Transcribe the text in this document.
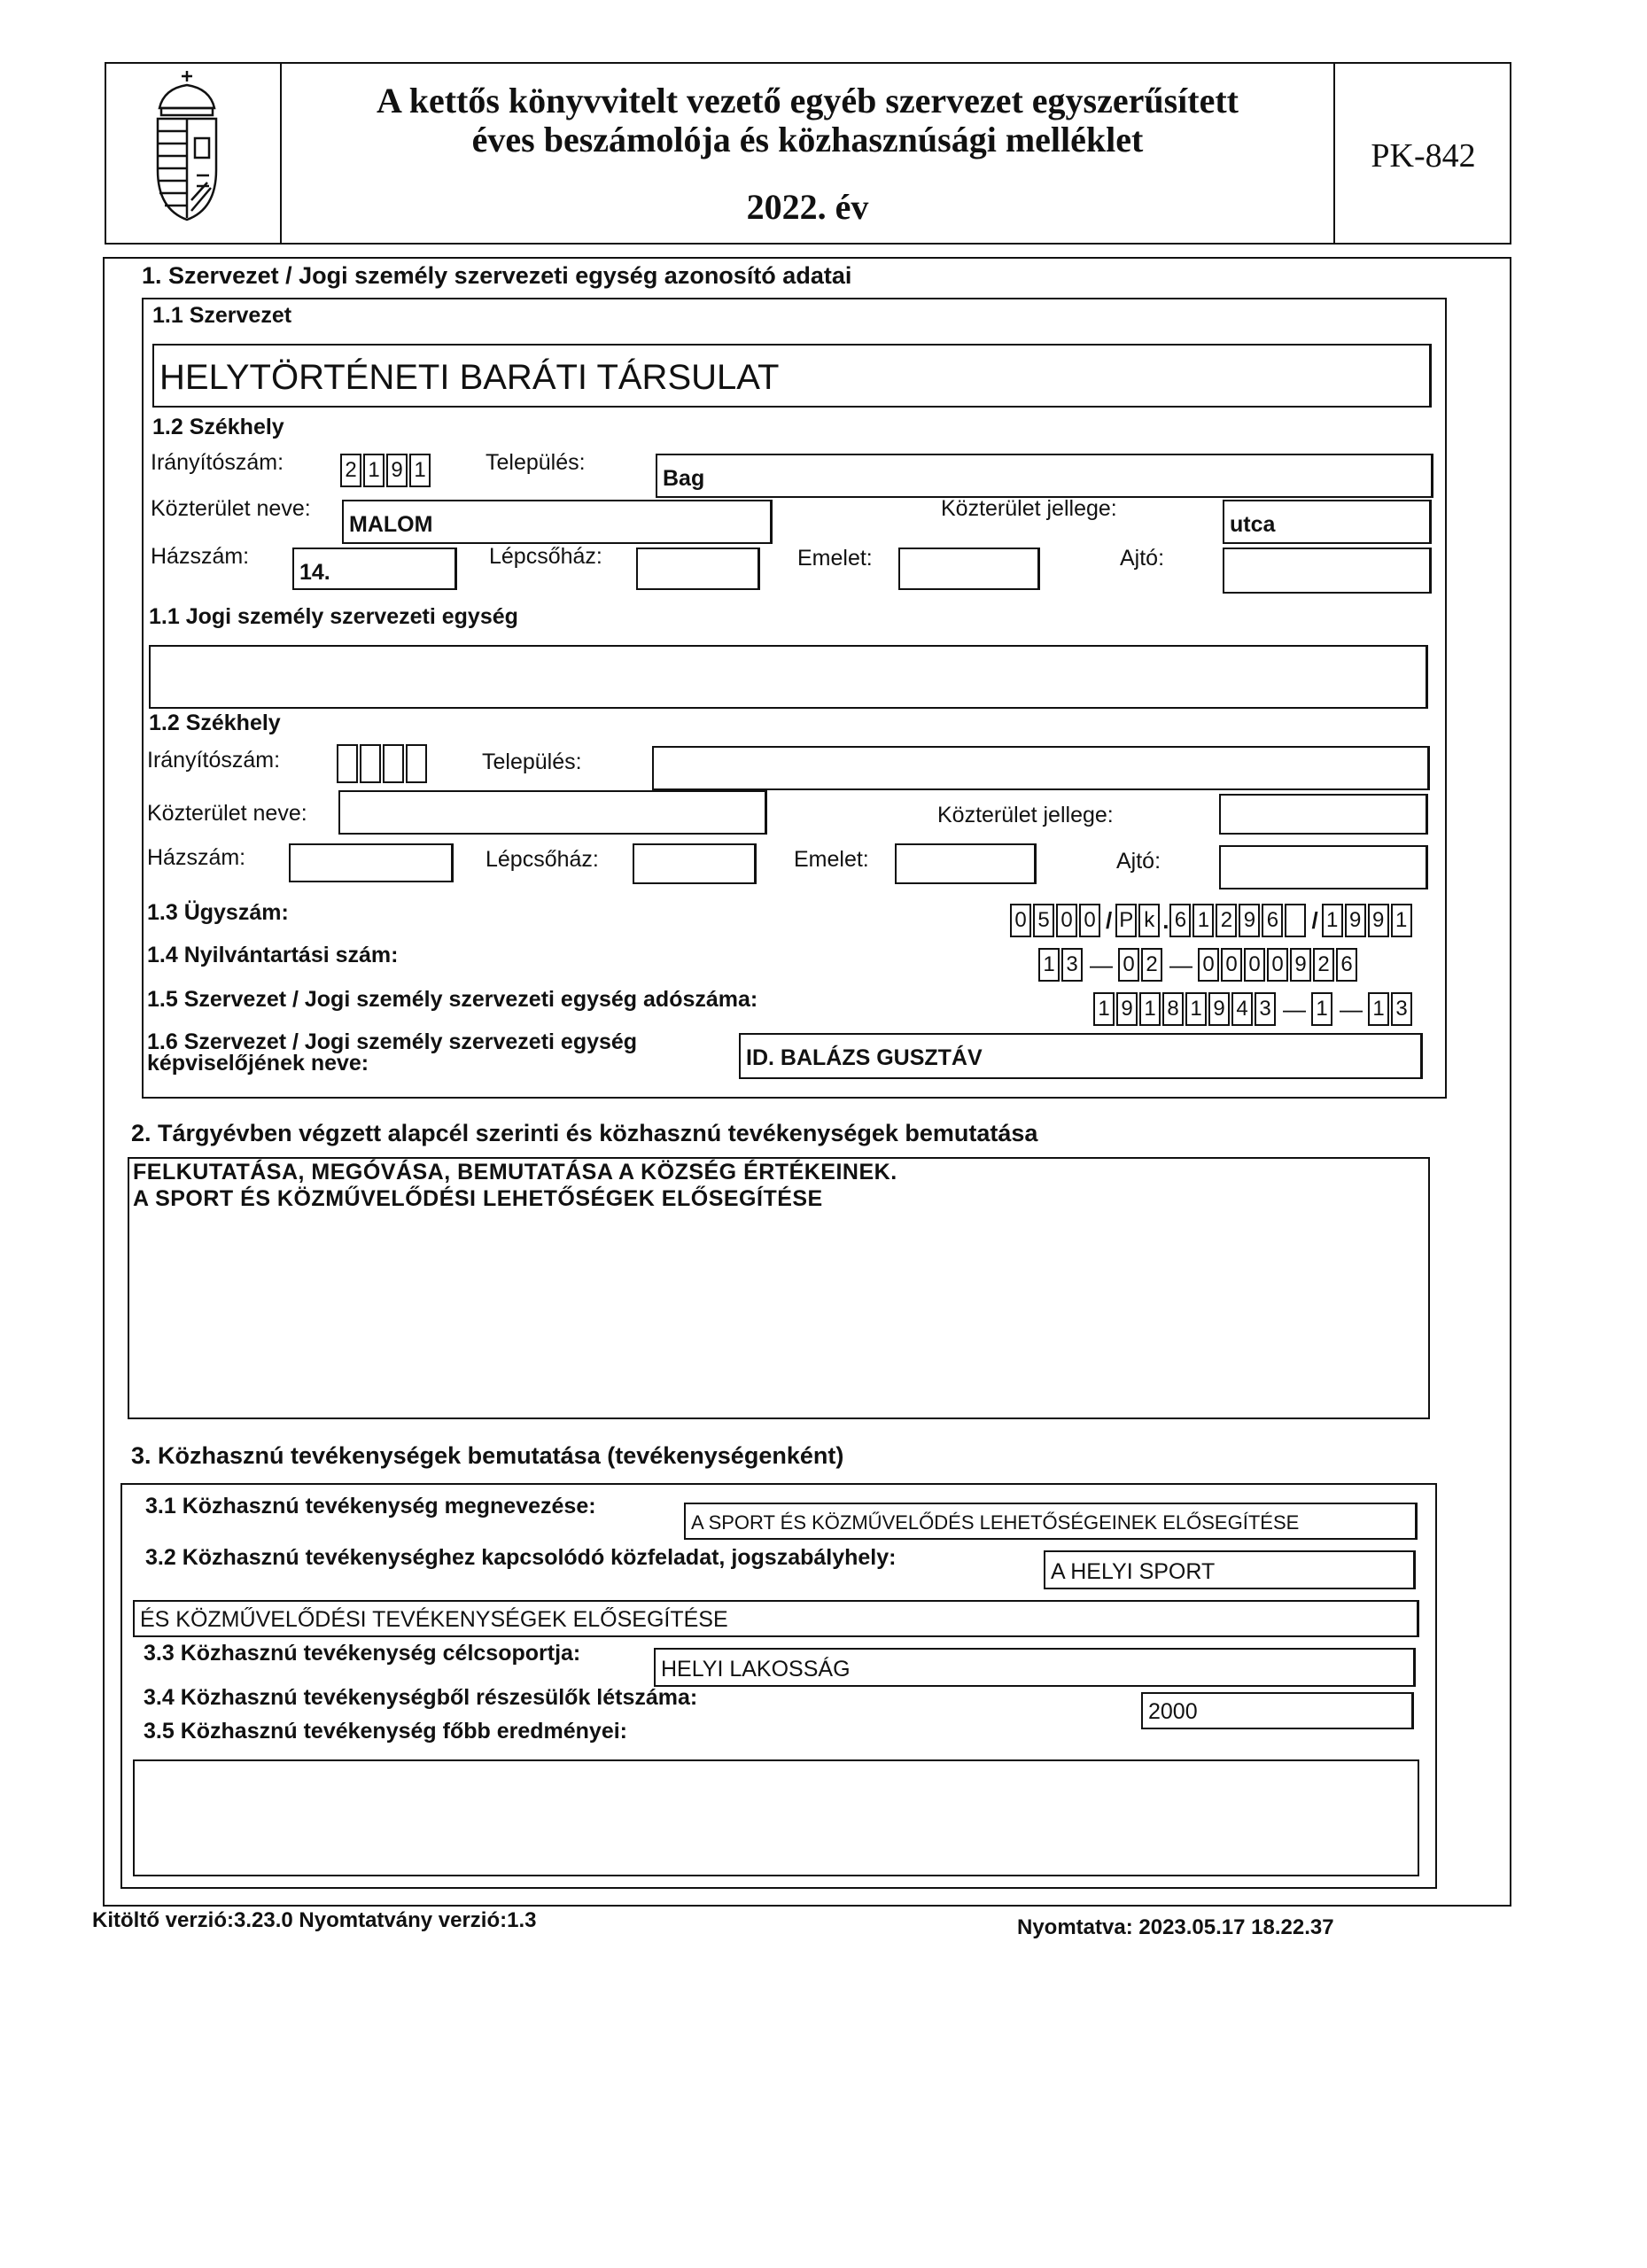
A kettős könyvvitelt vezető egyéb szervezet egyszerűsített
éves beszámolója és közhasznúsági melléklet
2022. év
PK-842
1. Szervezet / Jogi személy szervezeti egység azonosító adatai
1.1 Szervezet
HELYTÖRTÉNETI BARÁTI TÁRSULAT
1.2 Székhely
Irányítószám:	2 1 9 1	Település:
Bag
Közterület neve:
MALOM
Közterület jellege:
utca
Házszám:
14.
Lépcsőház:	Emelet:	Ajtó:
1.1 Jogi személy szervezeti egység
1.2 Székhely
Irányítószám:	Település:
Közterület neve:	Közterület jellege:
Házszám:	Lépcsőház:	Emelet:	Ajtó:
1.3 Ügyszám:	0 5 0 0 / P k . 6 1 2 9 6 / 1 9 9 1
1.4 Nyilvántartási szám:	1 3 — 0 2 — 0 0 0 0 9 2 6
1.5 Szervezet / Jogi személy szervezeti egység adószáma:	1 9 1 8 1 9 4 3 — 1 — 1 3
1.6 Szervezet / Jogi személy szervezeti egység
képviselőjének neve:	ID. BALÁZS GUSZTÁV
2. Tárgyévben végzett alapcél szerinti és közhasznú tevékenységek bemutatása
FELKUTATÁSA, MEGÓVÁSA, BEMUTATÁSA A KÖZSÉG ÉRTÉKEINEK.
A SPORT ÉS KÖZMŰVELŐDÉSI LEHETŐSÉGEK ELŐSEGÍTÉSE
3. Közhasznú tevékenységek bemutatása (tevékenységenként)
3.1 Közhasznú tevékenység megnevezése:
A SPORT ÉS KÖZMŰVELŐDÉS LEHETŐSÉGEINEK ELŐSEGÍTÉSE
3.2 Közhasznú tevékenységhez kapcsolódó közfeladat, jogszabályhely:
A HELYI SPORT
ÉS KÖZMŰVELŐDÉSI TEVÉKENYSÉGEK ELŐSEGÍTÉSE
3.3 Közhasznú tevékenység célcsoportja:
HELYI LAKOSSÁG
3.4 Közhasznú tevékenységből részesülők létszáma:
2000
3.5 Közhasznú tevékenység főbb eredményei:
Kitöltő verzió:3.23.0 Nyomtatvány verzió:1.3	Nyomtatva: 2023.05.17 18.22.37
